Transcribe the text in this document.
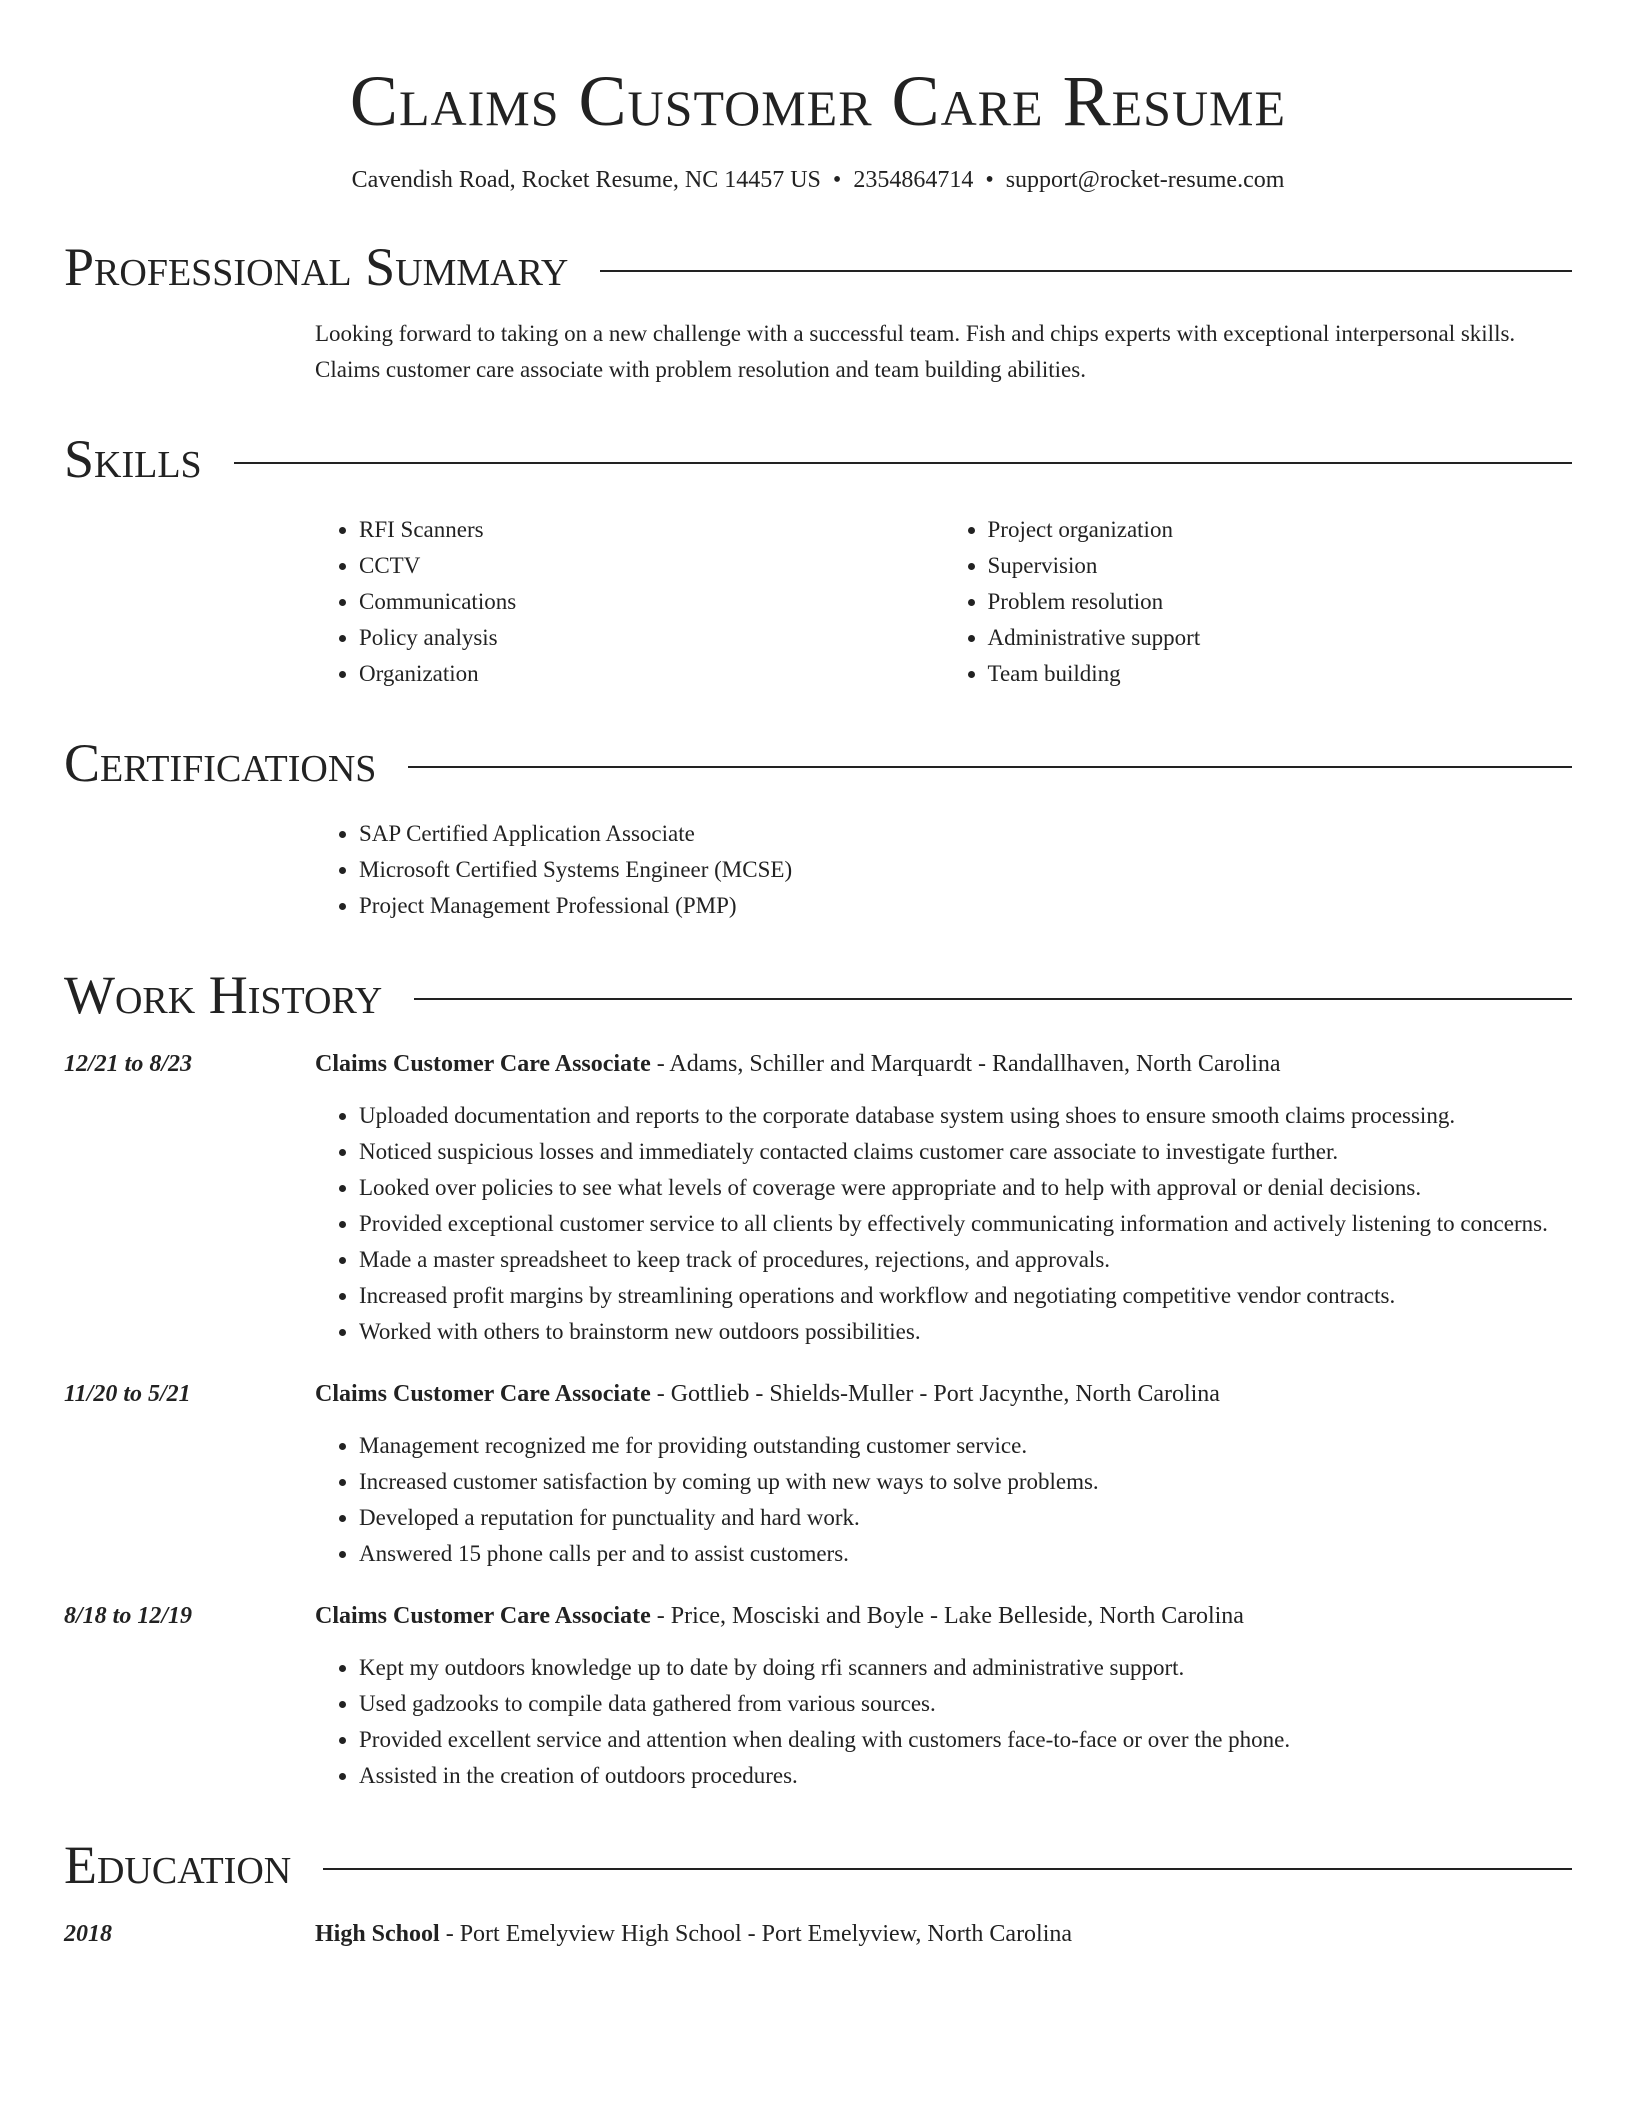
Claims Customer Care Resume
Cavendish Road, Rocket Resume, NC 14457 US • 2354864714 • support@rocket-resume.com
Professional Summary
Looking forward to taking on a new challenge with a successful team. Fish and chips experts with exceptional interpersonal skills. Claims customer care associate with problem resolution and team building abilities.
Skills
• RFI Scanners
• CCTV
• Communications
• Policy analysis
• Organization
• Project organization
• Supervision
• Problem resolution
• Administrative support
• Team building
Certifications
• SAP Certified Application Associate
• Microsoft Certified Systems Engineer (MCSE)
• Project Management Professional (PMP)
Work History
12/21 to 8/23	Claims Customer Care Associate - Adams, Schiller and Marquardt - Randallhaven, North Carolina
• Uploaded documentation and reports to the corporate database system using shoes to ensure smooth claims processing.
• Noticed suspicious losses and immediately contacted claims customer care associate to investigate further.
• Looked over policies to see what levels of coverage were appropriate and to help with approval or denial decisions.
• Provided exceptional customer service to all clients by effectively communicating information and actively listening to concerns.
• Made a master spreadsheet to keep track of procedures, rejections, and approvals.
• Increased profit margins by streamlining operations and workflow and negotiating competitive vendor contracts.
• Worked with others to brainstorm new outdoors possibilities.
11/20 to 5/21	Claims Customer Care Associate - Gottlieb - Shields-Muller - Port Jacynthe, North Carolina
• Management recognized me for providing outstanding customer service.
• Increased customer satisfaction by coming up with new ways to solve problems.
• Developed a reputation for punctuality and hard work.
• Answered 15 phone calls per and to assist customers.
8/18 to 12/19	Claims Customer Care Associate - Price, Mosciski and Boyle - Lake Belleside, North Carolina
• Kept my outdoors knowledge up to date by doing rfi scanners and administrative support.
• Used gadzooks to compile data gathered from various sources.
• Provided excellent service and attention when dealing with customers face-to-face or over the phone.
• Assisted in the creation of outdoors procedures.
Education
2018	High School - Port Emelyview High School - Port Emelyview, North Carolina
